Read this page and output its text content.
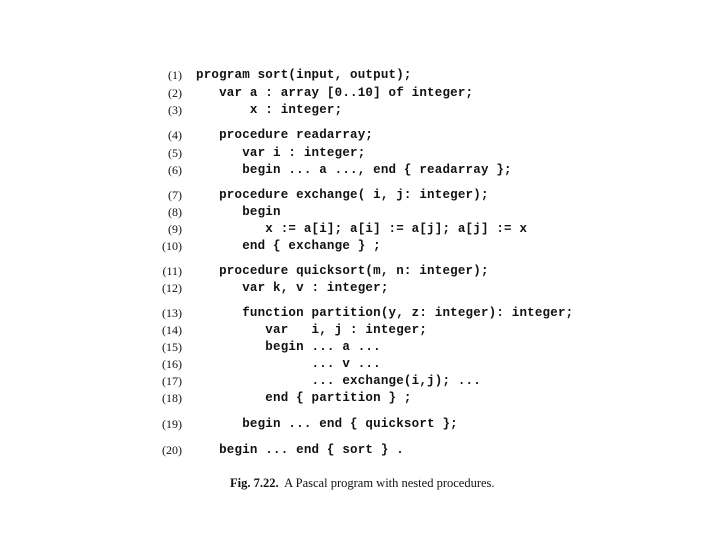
(1) program sort(input, output);
(2) var a : array [0..10] of integer;
(3) x : integer;
(4) procedure readarray;
(5) var i : integer;
(6) begin ... a ..., end { readarray };
(7) procedure exchange( i, j: integer);
(8) begin
(9) x := a[i]; a[i] := a[j]; a[j] := x
(10) end { exchange } ;
(11) procedure quicksort(m, n: integer);
(12) var k, v : integer;
(13) function partition(y, z: integer): integer;
(14) var   i, j : integer;
(15) begin ... a ...
(16) ... v ...
(17) ... exchange(i,j); ...
(18) end { partition } ;
(19) begin ... end { quicksort };
(20) begin ... end { sort } .
Fig. 7.22.  A Pascal program with nested procedures.
